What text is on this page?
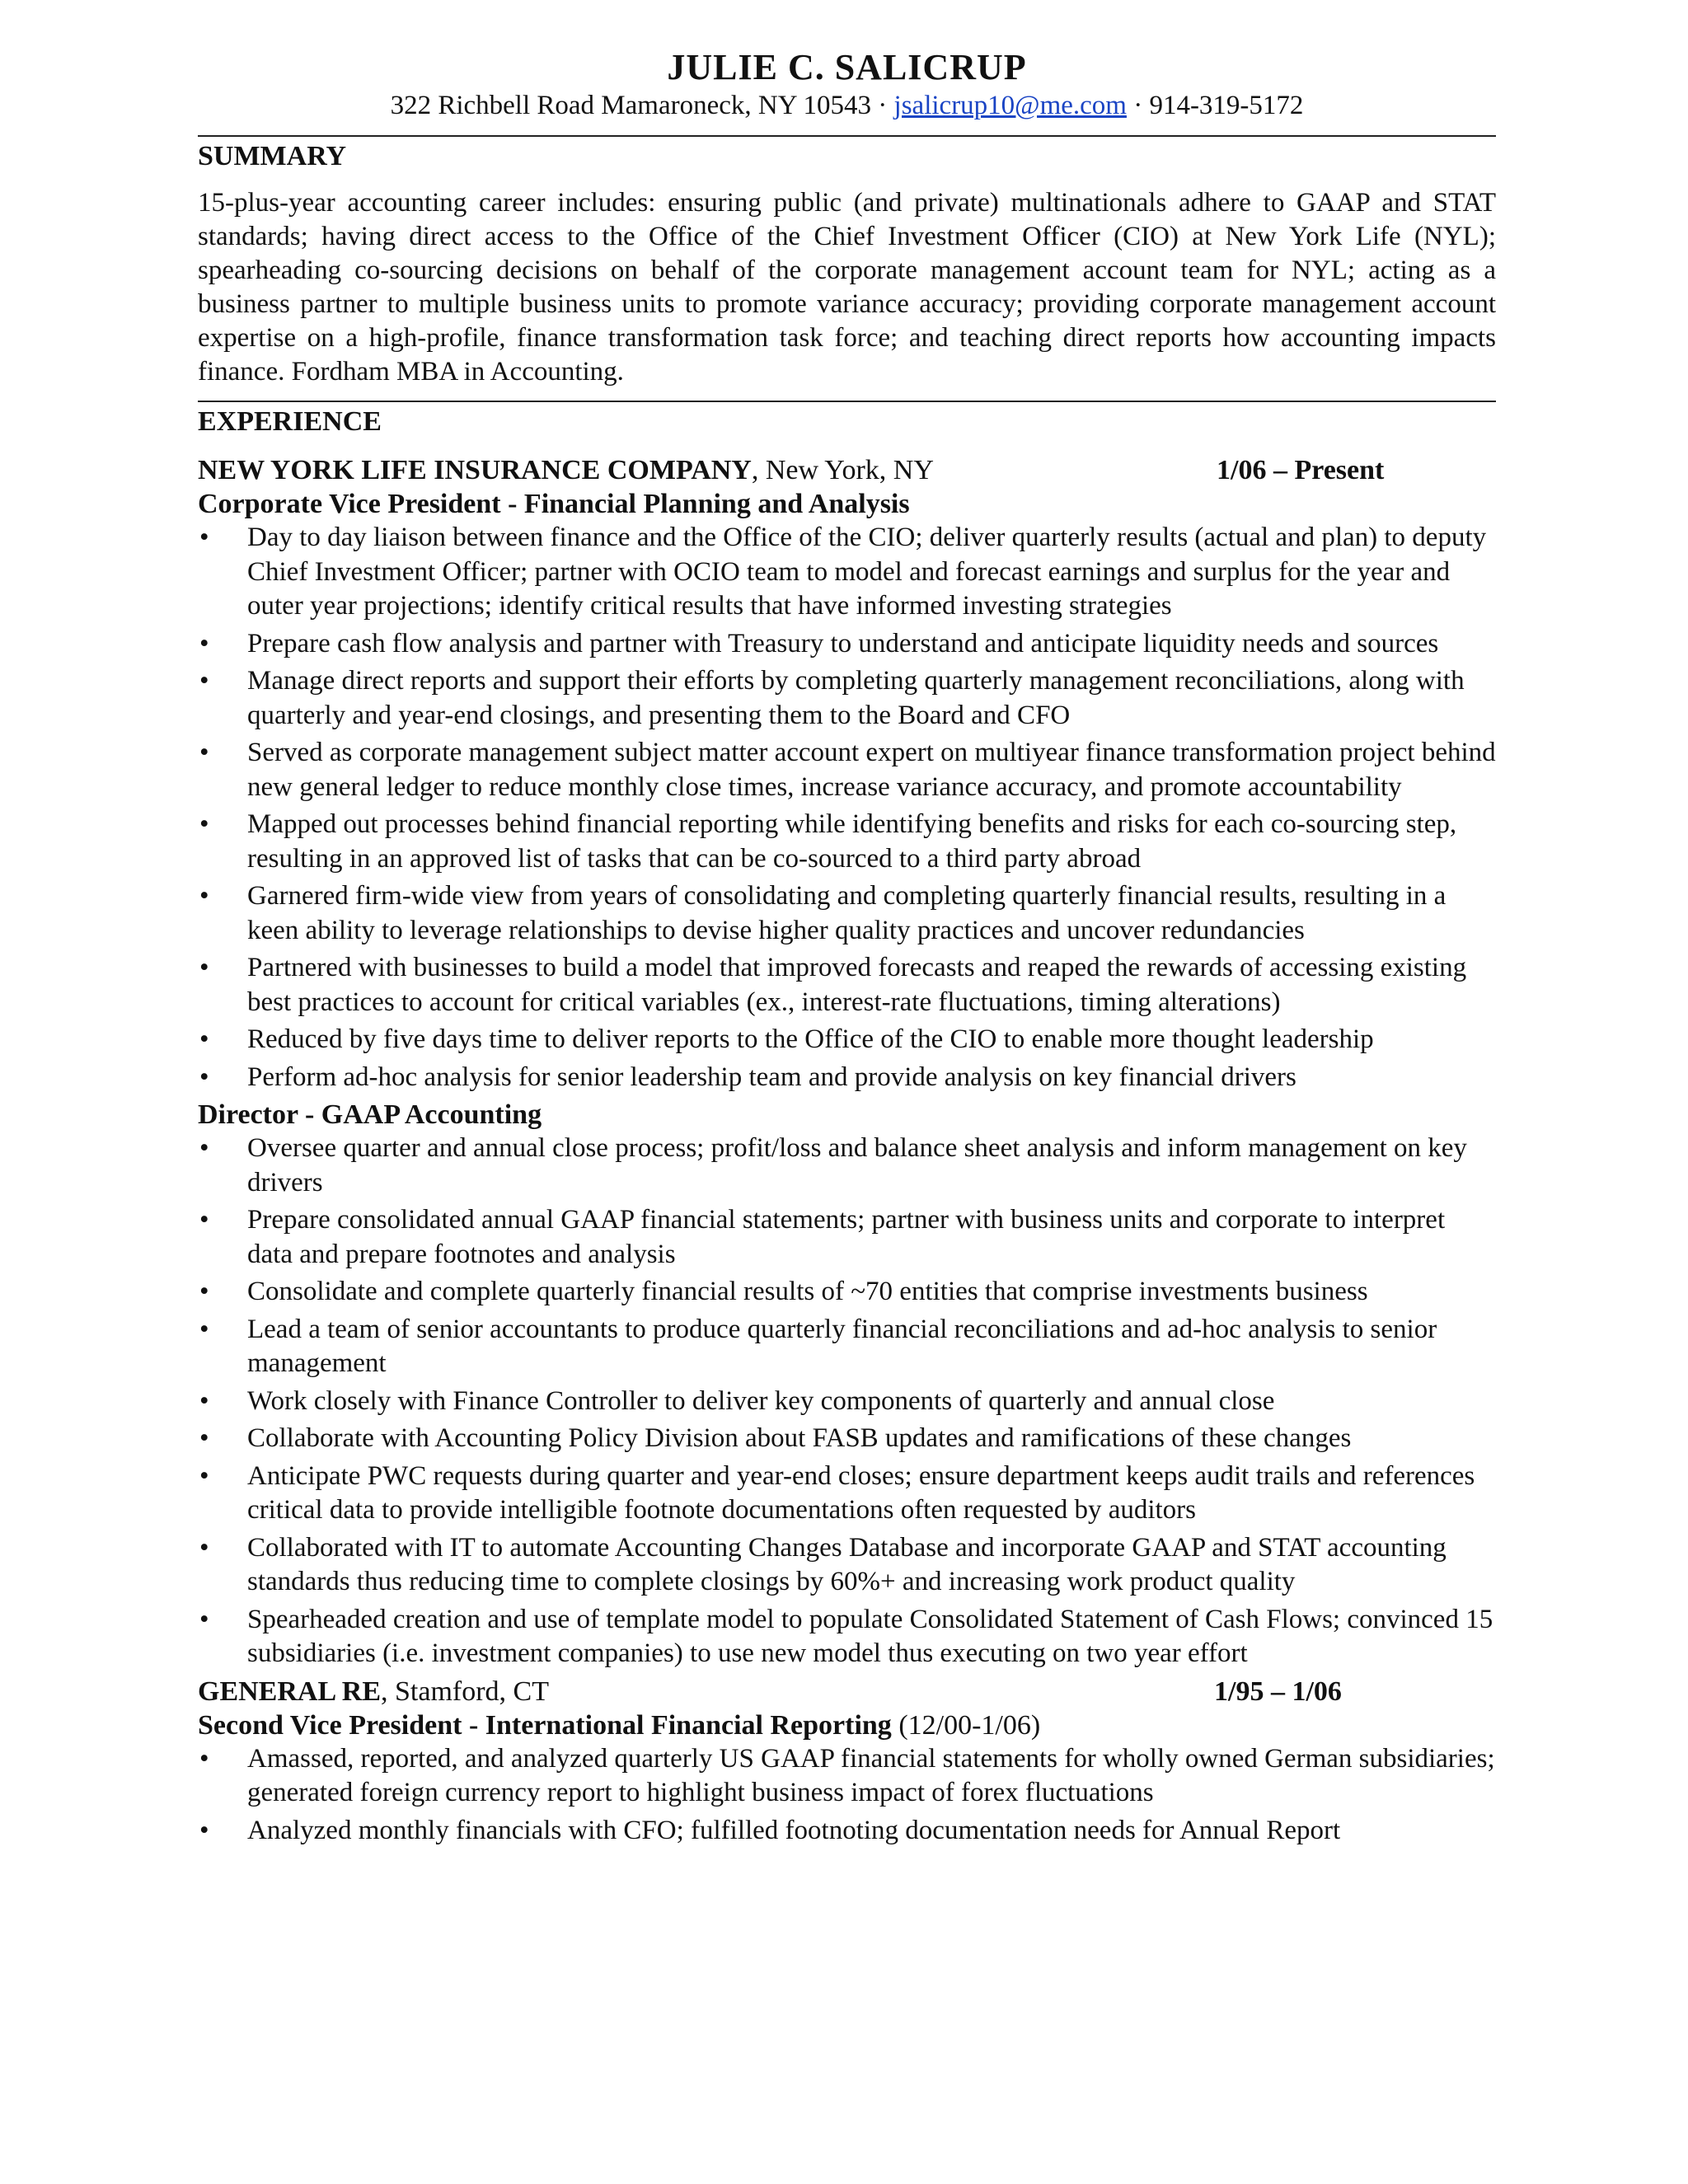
JULIE C. SALICRUP
322 Richbell Road Mamaroneck, NY 10543 · jsalicrup10@me.com · 914-319-5172
SUMMARY
15-plus-year accounting career includes: ensuring public (and private) multinationals adhere to GAAP and STAT standards; having direct access to the Office of the Chief Investment Officer (CIO) at New York Life (NYL); spearheading co-sourcing decisions on behalf of the corporate management account team for NYL; acting as a business partner to multiple business units to promote variance accuracy; providing corporate management account expertise on a high-profile, finance transformation task force; and teaching direct reports how accounting impacts finance. Fordham MBA in Accounting.
EXPERIENCE
NEW YORK LIFE INSURANCE COMPANY, New York, NY	1/06 – Present
Corporate Vice President - Financial Planning and Analysis
• Day to day liaison between finance and the Office of the CIO; deliver quarterly results (actual and plan) to deputy Chief Investment Officer; partner with OCIO team to model and forecast earnings and surplus for the year and outer year projections; identify critical results that have informed investing strategies
• Prepare cash flow analysis and partner with Treasury to understand and anticipate liquidity needs and sources
• Manage direct reports and support their efforts by completing quarterly management reconciliations, along with quarterly and year-end closings, and presenting them to the Board and CFO
• Served as corporate management subject matter account expert on multiyear finance transformation project behind new general ledger to reduce monthly close times, increase variance accuracy, and promote accountability
• Mapped out processes behind financial reporting while identifying benefits and risks for each co-sourcing step, resulting in an approved list of tasks that can be co-sourced to a third party abroad
• Garnered firm-wide view from years of consolidating and completing quarterly financial results, resulting in a keen ability to leverage relationships to devise higher quality practices and uncover redundancies
• Partnered with businesses to build a model that improved forecasts and reaped the rewards of accessing existing best practices to account for critical variables (ex., interest-rate fluctuations, timing alterations)
• Reduced by five days time to deliver reports to the Office of the CIO to enable more thought leadership
• Perform ad-hoc analysis for senior leadership team and provide analysis on key financial drivers
Director - GAAP Accounting
• Oversee quarter and annual close process; profit/loss and balance sheet analysis and inform management on key drivers
• Prepare consolidated annual GAAP financial statements; partner with business units and corporate to interpret data and prepare footnotes and analysis
• Consolidate and complete quarterly financial results of ~70 entities that comprise investments business
• Lead a team of senior accountants to produce quarterly financial reconciliations and ad-hoc analysis to senior management
• Work closely with Finance Controller to deliver key components of quarterly and annual close
• Collaborate with Accounting Policy Division about FASB updates and ramifications of these changes
• Anticipate PWC requests during quarter and year-end closes; ensure department keeps audit trails and references critical data to provide intelligible footnote documentations often requested by auditors
• Collaborated with IT to automate Accounting Changes Database and incorporate GAAP and STAT accounting standards thus reducing time to complete closings by 60%+ and increasing work product quality
• Spearheaded creation and use of template model to populate Consolidated Statement of Cash Flows; convinced 15 subsidiaries (i.e. investment companies) to use new model thus executing on two year effort
GENERAL RE, Stamford, CT	1/95 – 1/06
Second Vice President - International Financial Reporting (12/00-1/06)
• Amassed, reported, and analyzed quarterly US GAAP financial statements for wholly owned German subsidiaries; generated foreign currency report to highlight business impact of forex fluctuations
• Analyzed monthly financials with CFO; fulfilled footnoting documentation needs for Annual Report
